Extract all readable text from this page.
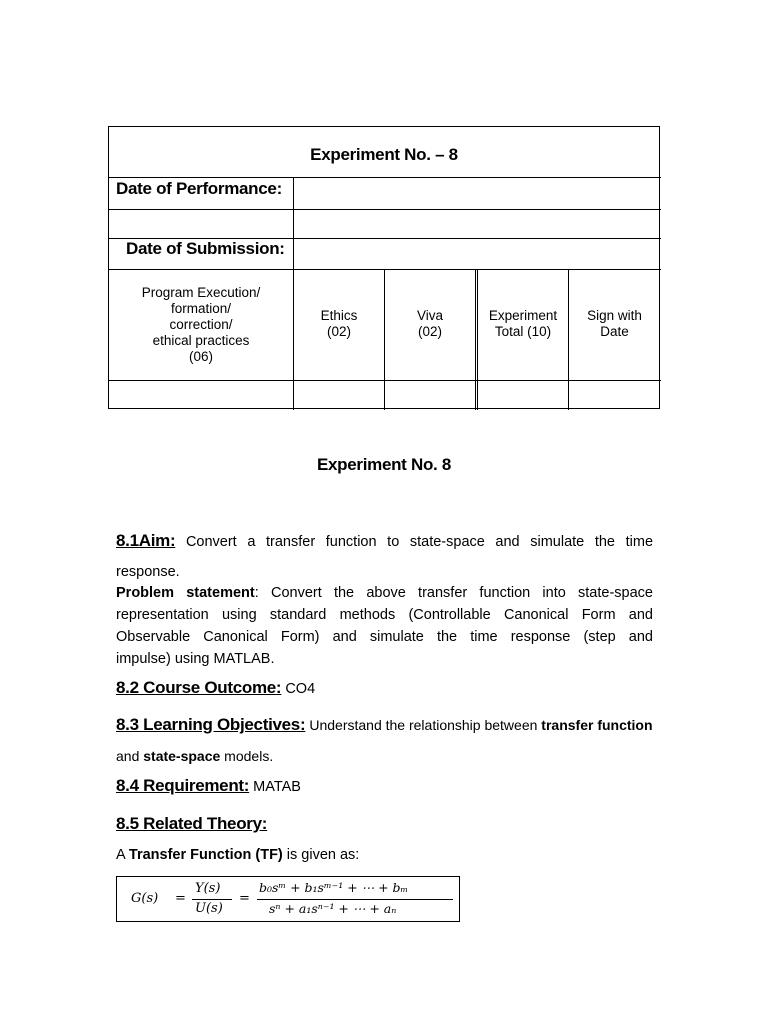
Experiment No. – 8
Date of Performance:
Date of Submission:
Program Execution/
formation/
correction/
ethical practices
(06)
Ethics
(02)
Viva
(02)
Experiment
Total (10)
Sign with
Date
Experiment No. 8
8.1Aim: Convert a transfer function to state-space and simulate the time
response.
Problem statement: Convert the above transfer function into state-space
representation using standard methods (Controllable Canonical Form and
Observable Canonical Form) and simulate the time response (step and
impulse) using MATLAB.
8.2 Course Outcome: CO4
8.3 Learning Objectives: Understand the relationship between transfer function
and state-space models.
8.4 Requirement: MATAB
8.5 Related Theory:
A Transfer Function (TF) is given as:
G(s) =
Y(s)
U(s)
=
b₀sᵐ + b₁sᵐ⁻¹ + ⋯ + bₘ
sⁿ + a₁sⁿ⁻¹ + ⋯ + aₙ
